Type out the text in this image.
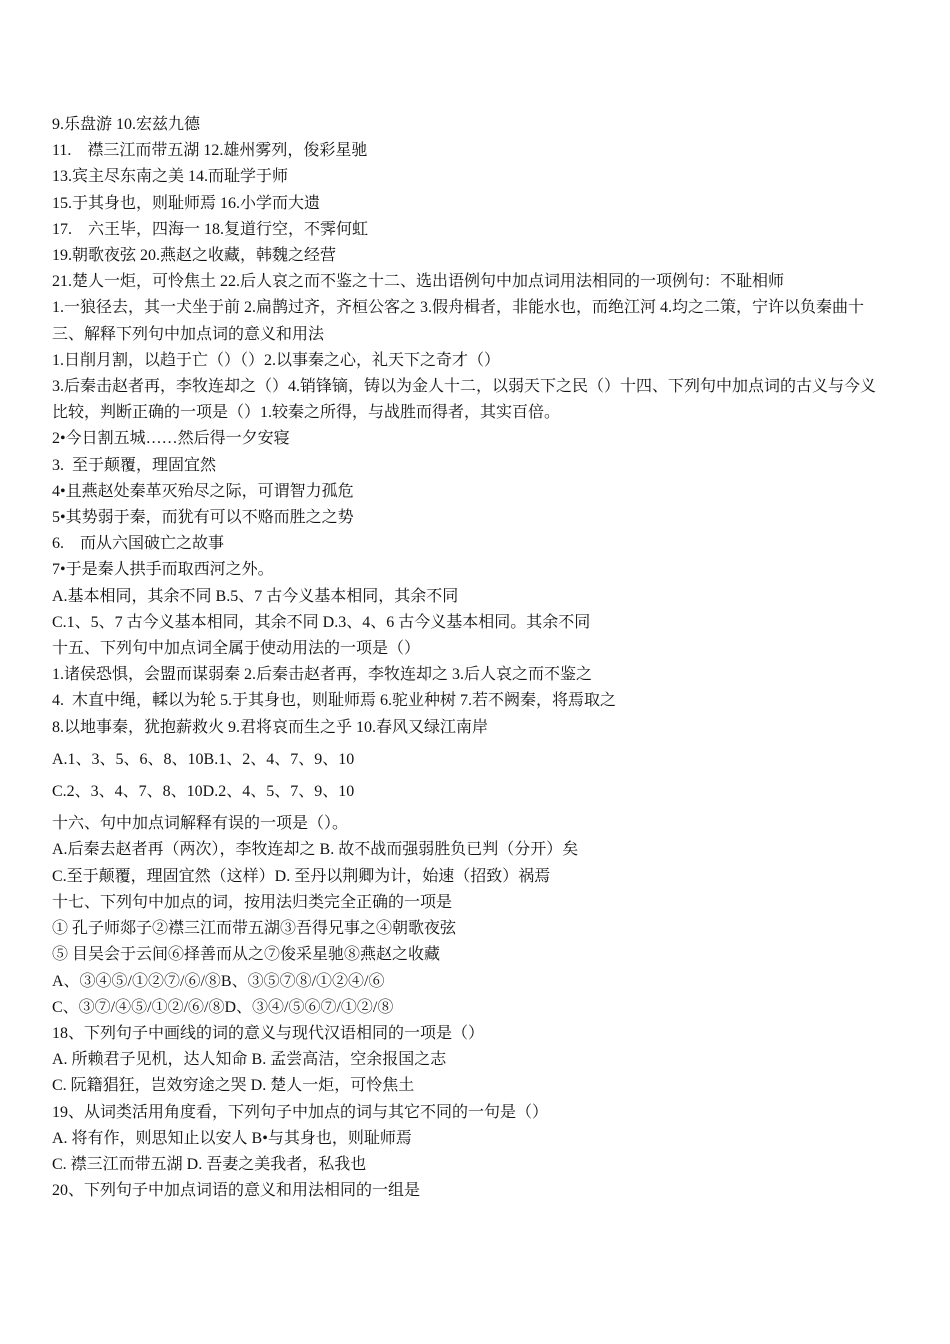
9.乐盘游 10.宏兹九德
11.    襟三江而带五湖 12.雄州雾列，俊彩星驰
13.宾主尽东南之美 14.而耻学于师
15.于其身也，则耻师焉 16.小学而大遗
17.    六王毕，四海一 18.复道行空，不霁何虹
19.朝歌夜弦 20.燕赵之收藏，韩魏之经营
21.楚人一炬，可怜焦土 22.后人哀之而不鉴之十二、选出语例句中加点词用法相同的一项例句：不耻相师
1.一狼径去，其一犬坐于前 2.扁鹊过齐，齐桓公客之 3.假舟楫者，非能水也，而绝江河 4.均之二策，宁许以负秦曲十三、解释下列句中加点词的意义和用法
1.日削月割，以趋于亡（）（）2.以事秦之心，礼天下之奇才（）
3.后秦击赵者再，李牧连却之（）4.销锋镝，铸以为金人十二，以弱天下之民（）十四、下列句中加点词的古义与今义比较，判断正确的一项是（）1.较秦之所得，与战胜而得者，其实百倍。
2•今日割五城……然后得一夕安寝
3.  至于颠覆，理固宜然
4•且燕赵处秦革灭殆尽之际，可谓智力孤危
5•其势弱于秦，而犹有可以不赂而胜之之势
6.    而从六国破亡之故事
7•于是秦人拱手而取西河之外。
A.基本相同，其余不同 B.5、7 古今义基本相同，其余不同
C.1、5、7 古今义基本相同，其余不同 D.3、4、6 古今义基本相同。其余不同
十五、下列句中加点词全属于使动用法的一项是（）
1.诸侯恐惧，会盟而谋弱秦 2.后秦击赵者再，李牧连却之 3.后人哀之而不鉴之
4.  木直中绳，輮以为轮 5.于其身也，则耻师焉 6.驼业种树 7.若不阙秦，将焉取之
8.以地事秦，犹抱薪救火 9.君将哀而生之乎 10.春风又绿江南岸
A.1、3、5、6、8、10B.1、2、4、7、9、10
C.2、3、4、7、8、10D.2、4、5、7、9、10
十六、句中加点词解释有误的一项是（）。
A.后秦去赵者再（两次），李牧连却之 B. 故不战而强弱胜负已判（分开）矣
C.至于颠覆，理固宜然（这样）D. 至丹以荆卿为计，始速（招致）祸焉
十七、下列句中加点的词，按用法归类完全正确的一项是
① 孔子师郯子②襟三江而带五湖③吾得兄事之④朝歌夜弦
⑤ 目吴会于云间⑥择善而从之⑦俊采星驰⑧燕赵之收藏
A、③④⑤/①②⑦/⑥/⑧B、③⑤⑦⑧/①②④/⑥
C、③⑦/④⑤/①②/⑥/⑧D、③④/⑤⑥⑦/①②/⑧
18、下列句子中画线的词的意义与现代汉语相同的一项是（）
A. 所赖君子见机，达人知命 B. 孟尝高洁，空余报国之志
C. 阮籍猖狂，岂效穷途之哭 D. 楚人一炬，可怜焦土
19、从词类活用角度看，下列句子中加点的词与其它不同的一句是（）
A. 将有作，则思知止以安人 B•与其身也，则耻师焉
C. 襟三江而带五湖 D. 吾妻之美我者，私我也
20、下列句子中加点词语的意义和用法相同的一组是
